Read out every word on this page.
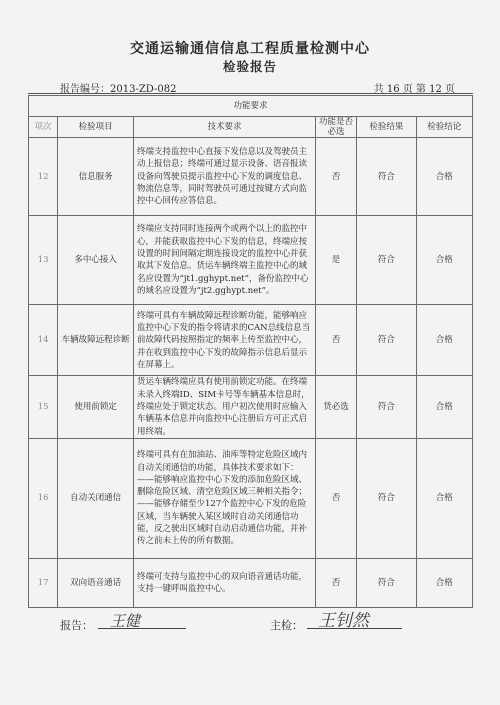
交通运输通信信息工程质量检测中心
检验报告
报告编号：2013-ZD-082	共 16 页 第 12 页
功能要求					
项次	检验项目	技术要求	功能是否必选	检验结果	检验结论
12	信息服务	终端支持监控中心直接下发信息以及驾驶员主动上报信息；终端可通过显示设备、语音报读设备向驾驶员提示监控中心下发的调度信息、物流信息等，同时驾驶员可通过按键方式向监控中心回传应答信息。	否	符合	合格
13	多中心接入	终端应支持同时连接两个或两个以上的监控中心，并能获取监控中心下发的信息，终端应按设置的时间间隔定期连接设定的监控中心并获取其下发信息。货运车辆终端主监控中心的域名应设置为“jt1.gghypt.net”，备份监控中心的域名应设置为“jt2.gghypt.net”。	是	符合	合格
14	车辆故障远程诊断	终端可具有车辆故障远程诊断功能，能够响应监控中心下发的指令将请求的CAN总线信息当前故障代码按照指定的频率上传至监控中心，并在收到监控中心下发的故障指示信息后显示在屏幕上。	否	符合	合格
15	使用前锁定	货运车辆终端应具有使用前锁定功能。在终端未录入终端ID、SIM卡号等车辆基本信息时，终端应处于锁定状态。用户初次使用时应输入车辆基本信息并向监控中心注册后方可正式启用终端。	货必选	符合	合格
16	自动关闭通信	终端可具有在加油站、油库等特定危险区域内自动关闭通信的功能，具体技术要求如下：——能够响应监控中心下发的添加危险区域、删除危险区域、清空危险区域三种相关指令；——能够存储至少127个监控中心下发的危险区域，当车辆驶入某区域时自动关闭通信功能，反之驶出区域时自动启动通信功能，并补传之前未上传的所有数据。	否	符合	合格
17	双向语音通话	终端可支持与监控中心的双向语音通话功能，支持一键呼叫监控中心。	否	符合	合格
报告： 王健	主检： 王钊然
